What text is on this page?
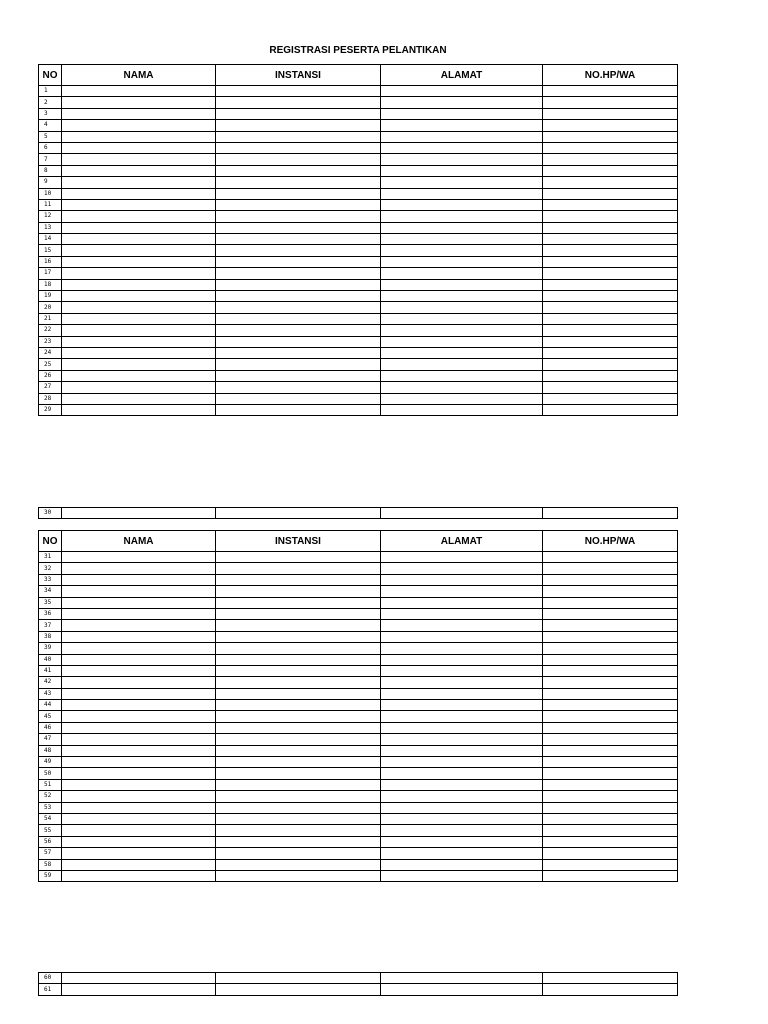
REGISTRASI PESERTA PELANTIKAN
NO	NAMA	INSTANSI	ALAMAT	NO.HP/WA
1				
2				
3				
4				
5				
6				
7				
8				
9				
10				
11				
12				
13				
14				
15				
16				
17				
18				
19				
20				
21				
22				
23				
24				
25				
26				
27				
28				
29				
30				
NO	NAMA	INSTANSI	ALAMAT	NO.HP/WA
31				
32				
33				
34				
35				
36				
37				
38				
39				
40				
41				
42				
43				
44				
45				
46				
47				
48				
49				
50				
51				
52				
53				
54				
55				
56				
57				
58				
59				
60				
61				
